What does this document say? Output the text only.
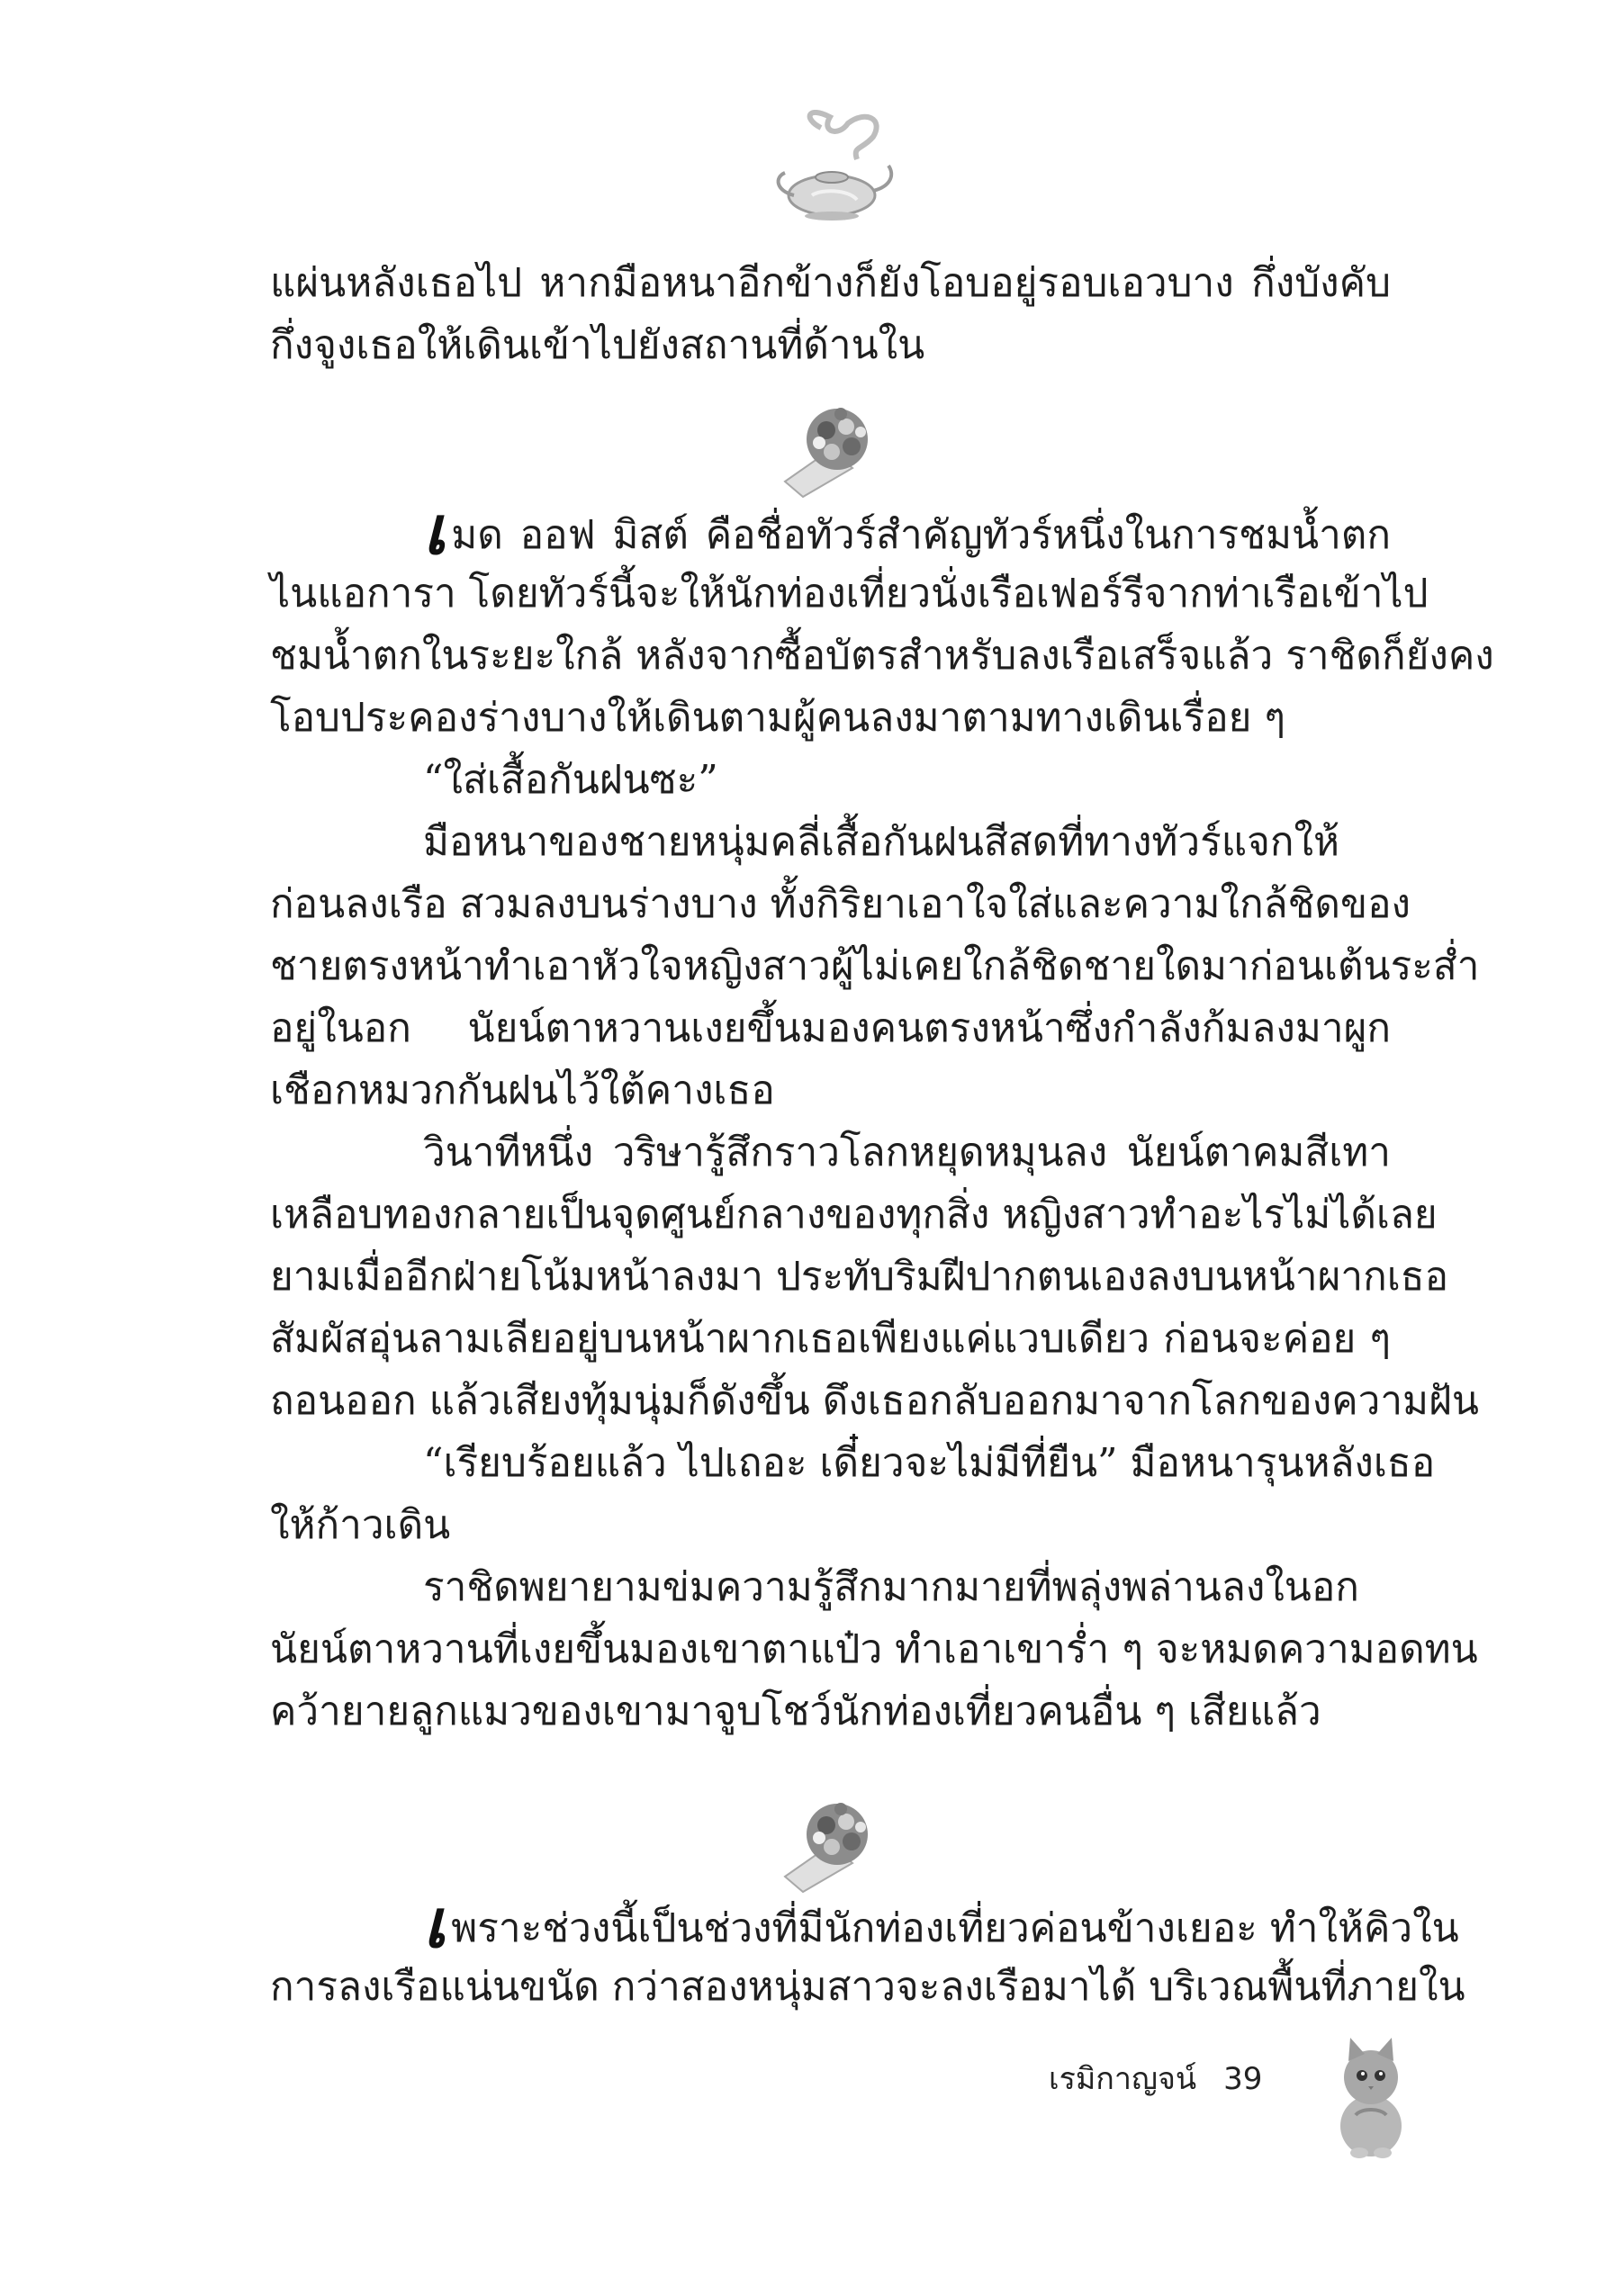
แผ่นหลังเธอไป หากมือหนาอีกข้างก็ยังโอบอยู่รอบเอวบาง กึ่งบังคับ
กึ่งจูงเธอให้เดินเข้าไปยังสถานที่ด้านใน
เมด ออฟ มิสต์ คือชื่อทัวร์สำคัญทัวร์หนึ่งในการชมน้ำตก
ไนแอการา โดยทัวร์นี้จะให้นักท่องเที่ยวนั่งเรือเฟอร์รีจากท่าเรือเข้าไป
ชมน้ำตกในระยะใกล้ หลังจากซื้อบัตรสำหรับลงเรือเสร็จแล้ว ราชิดก็ยังคง
โอบประคองร่างบางให้เดินตามผู้คนลงมาตามทางเดินเรื่อย ๆ
“ใส่เสื้อกันฝนซะ”
มือหนาของชายหนุ่มคลี่เสื้อกันฝนสีสดที่ทางทัวร์แจกให้
ก่อนลงเรือ สวมลงบนร่างบาง ทั้งกิริยาเอาใจใส่และความใกล้ชิดของ
ชายตรงหน้าทำเอาหัวใจหญิงสาวผู้ไม่เคยใกล้ชิดชายใดมาก่อนเต้นระส่ำ
อยู่ในอก นัยน์ตาหวานเงยขึ้นมองคนตรงหน้าซึ่งกำลังก้มลงมาผูก
เชือกหมวกกันฝนไว้ใต้คางเธอ
วินาทีหนึ่ง วริษารู้สึกราวโลกหยุดหมุนลง นัยน์ตาคมสีเทา
เหลือบทองกลายเป็นจุดศูนย์กลางของทุกสิ่ง หญิงสาวทำอะไรไม่ได้เลย
ยามเมื่ออีกฝ่ายโน้มหน้าลงมา ประทับริมฝีปากตนเองลงบนหน้าผากเธอ
สัมผัสอุ่นลามเลียอยู่บนหน้าผากเธอเพียงแค่แวบเดียว ก่อนจะค่อย ๆ
ถอนออก แล้วเสียงทุ้มนุ่มก็ดังขึ้น ดึงเธอกลับออกมาจากโลกของความฝัน
“เรียบร้อยแล้ว ไปเถอะ เดี๋ยวจะไม่มีที่ยืน” มือหนารุนหลังเธอ
ให้ก้าวเดิน
ราชิดพยายามข่มความรู้สึกมากมายที่พลุ่งพล่านลงในอก
นัยน์ตาหวานที่เงยขึ้นมองเขาตาแป๋ว ทำเอาเขาร่ำ ๆ จะหมดความอดทน
คว้ายายลูกแมวของเขามาจูบโชว์นักท่องเที่ยวคนอื่น ๆ เสียแล้ว
เพราะช่วงนี้เป็นช่วงที่มีนักท่องเที่ยวค่อนข้างเยอะ ทำให้คิวใน
การลงเรือแน่นขนัด กว่าสองหนุ่มสาวจะลงเรือมาได้ บริเวณพื้นที่ภายใน
เรมิกาญจน์ 39
